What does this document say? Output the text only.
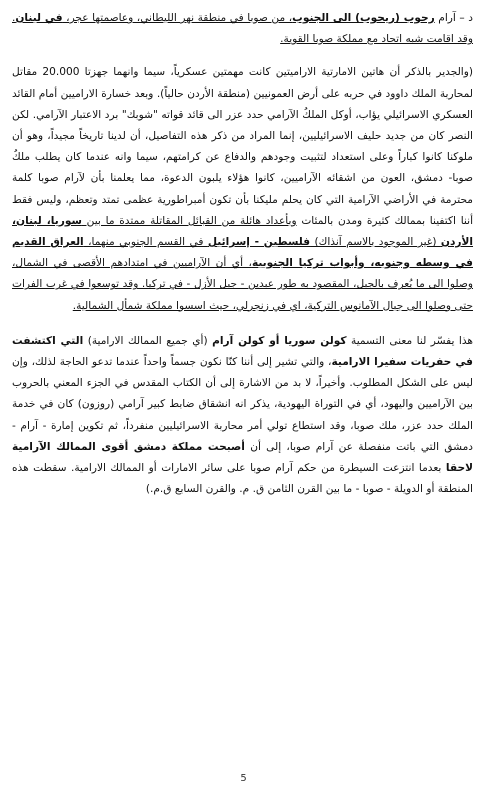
د – آرام رحوب (ريحوب) الى الجنوب، من صوبا في منطقة نهر الليطاني، وعاصمتها عجر، في لبنان. وقد اقامت شبه اتحاد مع مملكة صوبا القوية.

(والجدير بالذكر أن هاتين الامارتية الاراميتين كانت مهمتين عسكرياً، سيما وانهما جهزتا 20.000 مقاتل لمحاربة الملك داوود في حربه على أرض العمونيين (منطقة الأردن حالياً). وبعد خسارة الاراميين أمام القائد العسكري الاسرائيلي يؤاب، أوكل الملكُ الآرامي حدد عزر الى قائد قواته "شوبك" برد الاعتبار الآرامي. لكن النصر كان من جديد حليف الاسرائيليين، إنما المراد من ذكر هذه التفاصيل، أن لدينا تاريخاً مجيداً، وهو أن ملوكنا كانوا كباراً وعلى استعداد لتثبيت وجودهم والدفاع عن كرامتهم، سيما وانه عندما كان يطلب ملكُ صوبا- دمشق، العون من اشقائه الآراميين، كانوا هؤلاء يلبون الدعوة، مما يعلمنا بأن لآرام صوبا كلمة محترمة في الأراضي الآرامية التي كان يحلم مليكنا بأن تكون أمبراطورية عظمى تمتد وتعظم، وليس فقط أننا اكتفينا بممالك كثيرة ومدن بالمئات وبأعداد هائلة من القبائل المقاتلة ممتدة ما بين سوريا، لبنان، الأردن (غير الموجود بالاسم آنذاك) فلسطين - إسرائيل في القسم الجنوبي منهما، العراق القديم في وسطه وجنوبه، وأبواب تركيا الجنوبية، أي أن الآراميين في امتدادهم الأقصى في الشمال، وصلوا الى ما يُعرف بالجبل، المقصود به طور عبدين - جبل الأزل - في تركيا. وقد توسعوا في غرب الفرات حتى وصلوا الى جبال الآمانوس التركية، اي في زنجرلي، حيث اسسوا مملكة شمأل الشمالية.

هذا يفسّر لنا معنى التسمية كولن سوريا أو كولن آرام (أي جميع الممالك الارامية) التي اكتشفت في حفريات سفيرا الارامية، والتي تشير إلى أننا كنّا نكون جسماً واحداً عندما تدعو الحاجة لذلك، وإن ليس على الشكل المطلوب. وأخيراً، لا بد من الاشارة إلى أن الكتاب المقدس في الجزء المعني بالحروب بين الآراميين واليهود، أي في التوراة اليهودية، يذكر انه انشقاق ضابط كبير آرامي (روزون) كان في خدمة الملك حدد عزر، ملك صوبا، وقد استطاع تولي أمر محاربة الاسرائيليين منفرداً، ثم تكوين إمارة - آرام - دمشق التي باتت منفصلة عن آرام صوبا، إلى أن أصبحت مملكة دمشق أقوى الممالك الآرامية لاحقا بعدما انتزعت السيطرة من حكم آرام صوبا على سائر الامارات أو الممالك الارامية. سقطت هذه المنطقة أو الدويلة - صوبا - ما بين القرن الثامن ق. م. والقرن السابع ق.م.)

5
